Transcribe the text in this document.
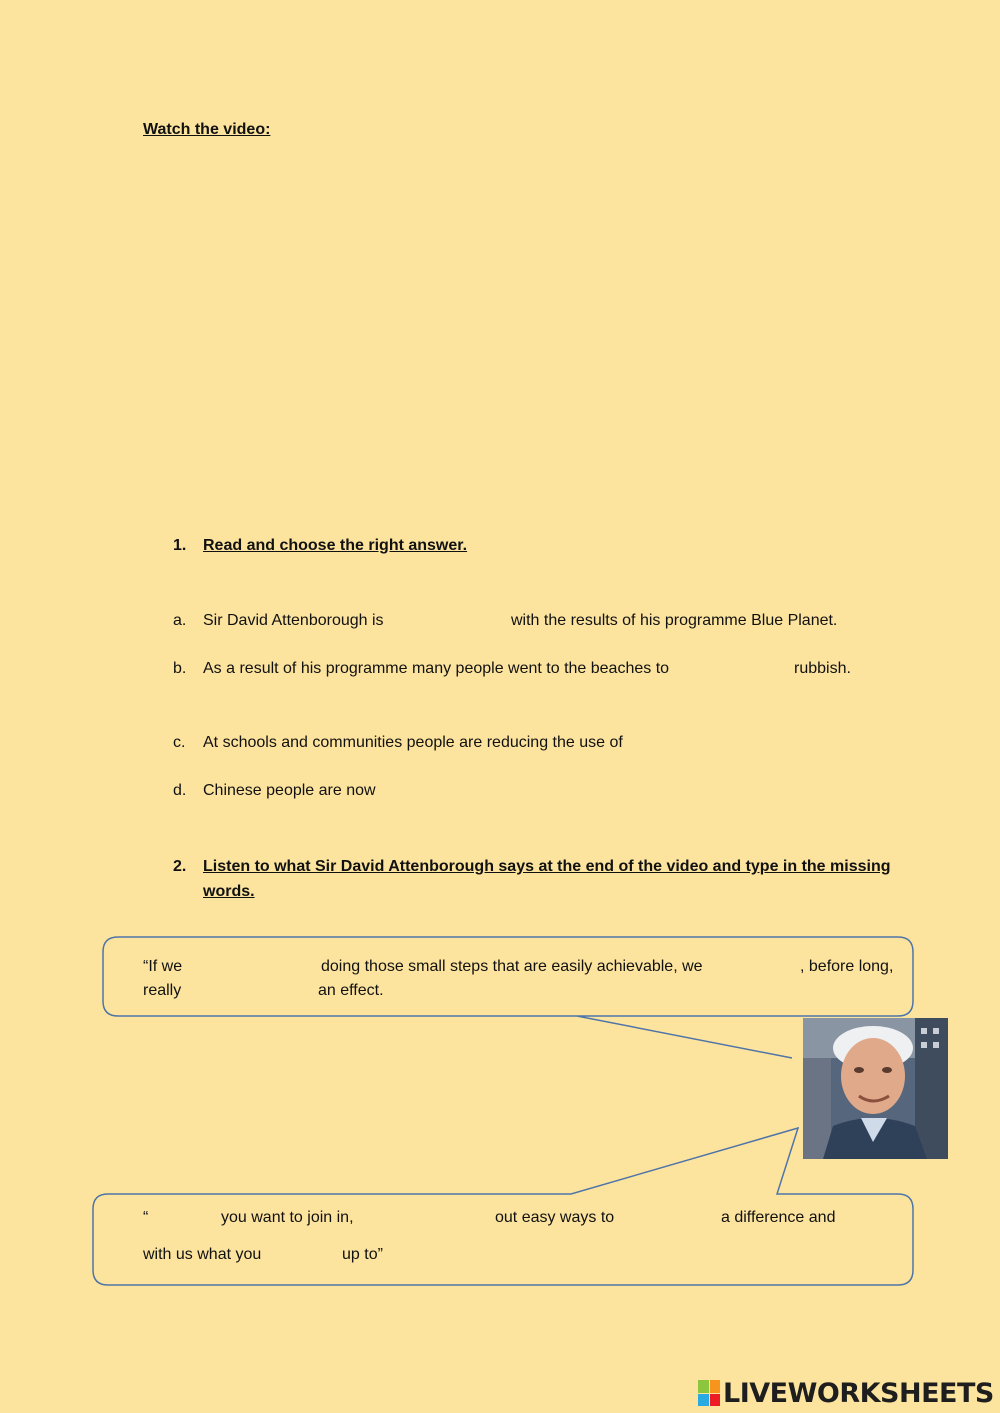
Watch the video:
1. Read and choose the right answer.
a. Sir David Attenborough is	with the results of his programme Blue Planet.
b. As a result of his programme many people went to the beaches to	rubbish.
c. At schools and communities people are reducing the use of
d. Chinese people are now
2. Listen to what Sir David Attenborough says at the end of the video and type in the missing
words.
“If we	doing those small steps that are easily achievable, we	, before long,
really	an effect.
“	you want to join in,	out easy ways to	a difference and
with us what you	up to”
LIVEWORKSHEETS
